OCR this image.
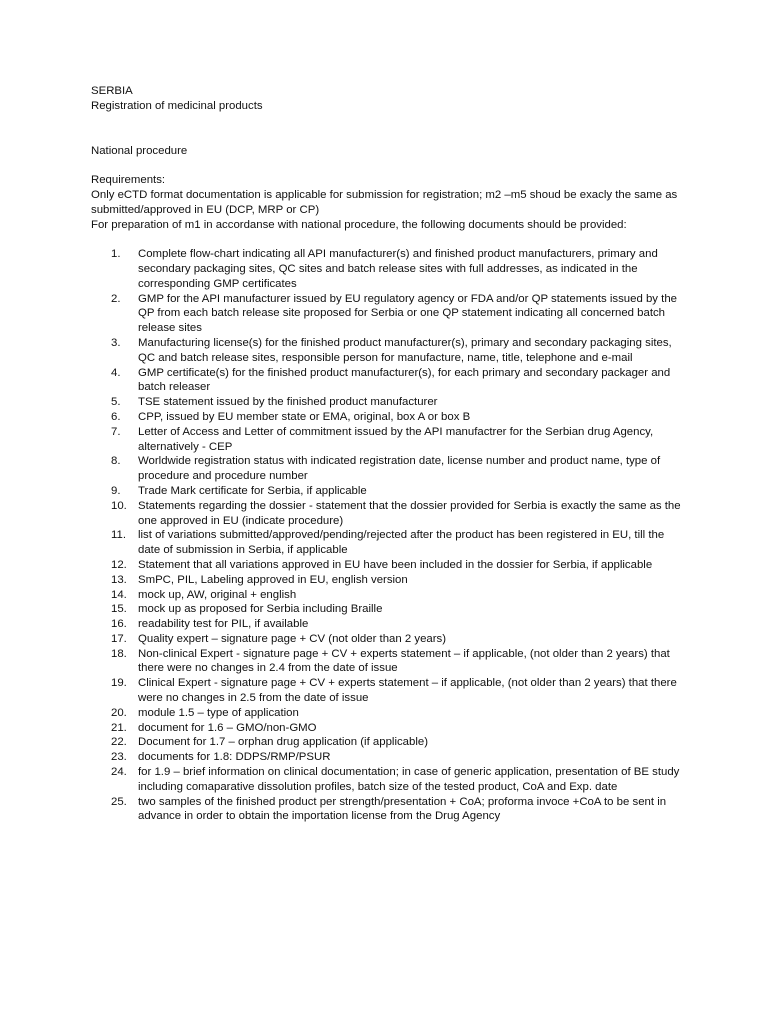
SERBIA

Registration of medicinal products

National procedure

Requirements:

Only eCTD format documentation is applicable for submission for registration; m2 –m5 shoud be exacly the same as submitted/approved in EU (DCP, MRP or CP)

For preparation of m1 in accordanse with national procedure, the following documents should be provided:

1.	Complete flow-chart indicating all API manufacturer(s) and finished product manufacturers, primary and secondary packaging sites, QC sites and batch release sites with full addresses, as indicated in the corresponding GMP certificates
2.	GMP for the API manufacturer issued by EU regulatory agency or FDA and/or QP statements issued by the QP from each batch release site proposed for Serbia or one QP statement indicating all concerned batch release sites
3.	Manufacturing license(s) for the finished product manufacturer(s), primary and secondary packaging sites, QC and batch release sites, responsible person for manufacture, name, title, telephone and e-mail
4.	GMP certificate(s) for the finished product manufacturer(s), for each primary and secondary packager and batch releaser
5.	TSE statement issued by the finished product manufacturer
6.	CPP, issued by EU member state or EMA, original, box A or box B
7.	Letter of Access and Letter of commitment issued by the API manufactrer for the Serbian drug Agency, alternatively - CEP
8.	Worldwide registration status with indicated registration date, license number and product name, type of procedure and procedure number
9.	Trade Mark certificate for Serbia, if applicable
10. Statements regarding the dossier - statement that the dossier provided for Serbia is exactly the same as the one approved in EU (indicate procedure)
11.	list of variations submitted/approved/pending/rejected after the product has been registered in EU, till the date of submission in Serbia, if applicable
12. Statement that all variations approved in EU have been included in the dossier for Serbia, if applicable
13. SmPC, PIL, Labeling approved in EU, english version
14. mock up, AW, original + english
15. mock up as proposed for Serbia including Braille
16. readability test for PIL, if available
17. Quality expert – signature page + CV (not older than 2 years)
18. Non-clinical Expert - signature page + CV + experts statement – if applicable, (not older than 2 years) that there were no changes in 2.4 from the date of issue
19. Clinical Expert - signature page + CV + experts statement – if applicable, (not older than 2 years) that there were no changes in 2.5 from the date of issue
20. module 1.5 – type of application
21. document for 1.6 – GMO/non-GMO
22. Document for 1.7 – orphan drug application (if applicable)
23. documents for 1.8: DDPS/RMP/PSUR
24. for 1.9 – brief information on clinical documentation; in case of generic application, presentation of BE study including comaparative dissolution profiles, batch size of the tested product, CoA and Exp. date
25. two samples of the finished product per strength/presentation + CoA; proforma invoce +CoA to be sent in advance in order to obtain the importation license from the Drug Agency
